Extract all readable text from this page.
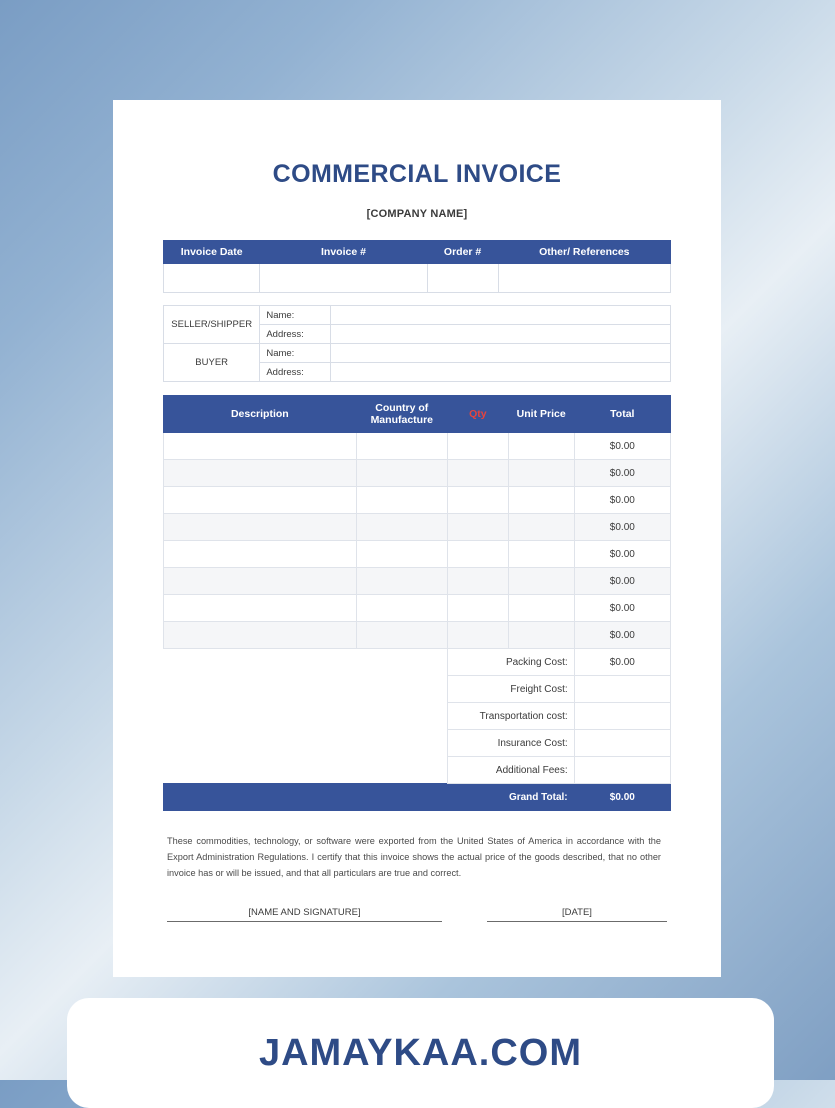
COMMERCIAL INVOICE
[COMPANY NAME]
Invoice Date	Invoice #	Order #	Other/ References

SELLER/SHIPPER	Name:	
	Address:	
BUYER	Name:	
	Address:	
Description	Country of Manufacture	Qty	Unit Price	Total
				$0.00
				$0.00
				$0.00
				$0.00
				$0.00
				$0.00
				$0.00
				$0.00
		Packing Cost:		$0.00
		Freight Cost:		
		Transportation cost:		
		Insurance Cost:		
		Additional Fees:		
		Grand Total:		$0.00
These commodities, technology, or software were exported from the United States of America in accordance with the Export Administration Regulations. I certify that this invoice shows the actual price of the goods described, that no other invoice has or will be issued, and that all particulars are true and correct.
[NAME AND SIGNATURE]	[DATE]
JAMAYKAA.COM
